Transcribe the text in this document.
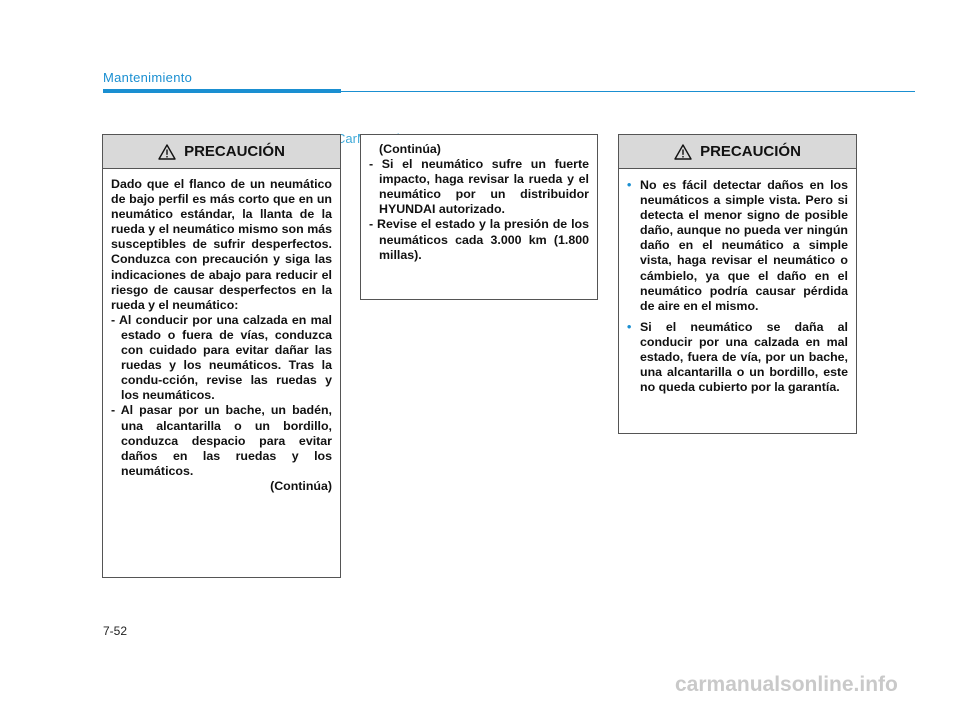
Mantenimiento
PRECAUCIÓN

Dado que el flanco de un neumático de bajo perfil es más corto que en un neumático estándar, la llanta de la rueda y el neumático mismo son más susceptibles de sufrir desperfectos. Conduzca con precaución y siga las indicaciones de abajo para reducir el riesgo de causar desperfectos en la rueda y el neumático:

- Al conducir por una calzada en mal estado o fuera de vías, conduzca con cuidado para evitar dañar las ruedas y los neumáticos. Tras la condu-cción, revise las ruedas y los neumáticos.

- Al pasar por un bache, un badén, una alcantarilla o un bordillo, conduzca despacio para evitar daños en las ruedas y los neumáticos.

(Continúa)

(Continúa)

- Si el neumático sufre un fuerte impacto, haga revisar la rueda y el neumático por un distribuidor HYUNDAI autorizado.

- Revise el estado y la presión de los neumáticos cada 3.000 km (1.800 millas).

PRECAUCIÓN
• No es fácil detectar daños en los neumáticos a simple vista. Pero si detecta el menor signo de posible daño, aunque no pueda ver ningún daño en el neumático a simple vista, haga revisar el neumático o cámbielo, ya que el daño en el neumático podría causar pérdida de aire en el mismo.
• Si el neumático se daña al conducir por una calzada en mal estado, fuera de vía, por un bache, una alcantarilla o un bordillo, este no queda cubierto por la garantía.
7-52
carmanualsonline.info
